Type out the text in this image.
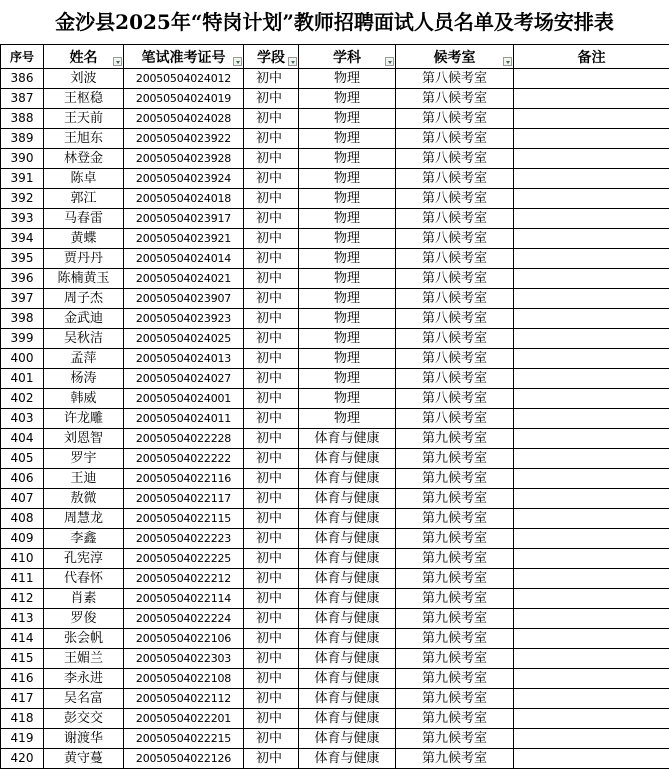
金沙县2025年“特岗计划”教师招聘面试人员名单及考场安排表
序号	姓名	笔试准考证号	学段	学科	候考室	备注
386	刘波	20050504024012	初中	物理	第八候考室	
387	王枢稳	20050504024019	初中	物理	第八候考室	
388	王天前	20050504024028	初中	物理	第八候考室	
389	王旭东	20050504023922	初中	物理	第八候考室	
390	林登金	20050504023928	初中	物理	第八候考室	
391	陈卓	20050504023924	初中	物理	第八候考室	
392	郭江	20050504024018	初中	物理	第八候考室	
393	马春雷	20050504023917	初中	物理	第八候考室	
394	黄蝶	20050504023921	初中	物理	第八候考室	
395	贾丹丹	20050504024014	初中	物理	第八候考室	
396	陈楠黄玉	20050504024021	初中	物理	第八候考室	
397	周子杰	20050504023907	初中	物理	第八候考室	
398	金武迪	20050504023923	初中	物理	第八候考室	
399	吴秋洁	20050504024025	初中	物理	第八候考室	
400	孟萍	20050504024013	初中	物理	第八候考室	
401	杨涛	20050504024027	初中	物理	第八候考室	
402	韩威	20050504024001	初中	物理	第八候考室	
403	许龙雕	20050504024011	初中	物理	第八候考室	
404	刘恩智	20050504022228	初中	体育与健康	第九候考室	
405	罗宇	20050504022222	初中	体育与健康	第九候考室	
406	王迪	20050504022116	初中	体育与健康	第九候考室	
407	敖微	20050504022117	初中	体育与健康	第九候考室	
408	周慧龙	20050504022115	初中	体育与健康	第九候考室	
409	李鑫	20050504022223	初中	体育与健康	第九候考室	
410	孔宪淳	20050504022225	初中	体育与健康	第九候考室	
411	代春怀	20050504022212	初中	体育与健康	第九候考室	
412	肖素	20050504022114	初中	体育与健康	第九候考室	
413	罗俊	20050504022224	初中	体育与健康	第九候考室	
414	张会帆	20050504022106	初中	体育与健康	第九候考室	
415	王媚兰	20050504022303	初中	体育与健康	第九候考室	
416	李永进	20050504022108	初中	体育与健康	第九候考室	
417	吴名富	20050504022112	初中	体育与健康	第九候考室	
418	彭交交	20050504022201	初中	体育与健康	第九候考室	
419	谢渡华	20050504022215	初中	体育与健康	第九候考室	
420	黄守蔓	20050504022126	初中	体育与健康	第九候考室	
